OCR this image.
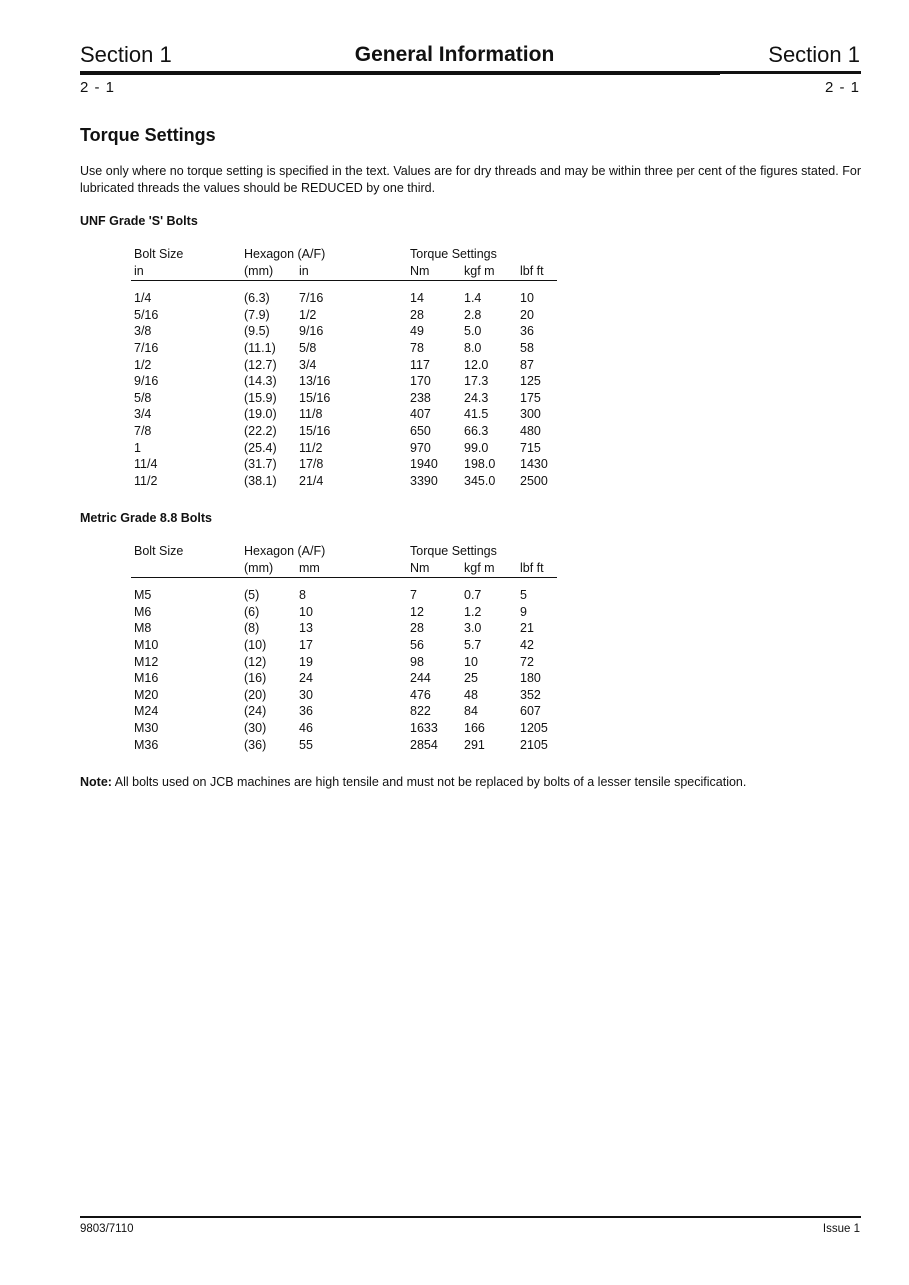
Section 1	General Information	Section 1
2 - 1	2 - 1
Torque Settings
Use only where no torque setting is specified in the text. Values are for dry threads and may be within three per cent of the figures stated. For lubricated threads the values should be REDUCED by one third.
UNF Grade 'S' Bolts
Bolt Size	Hexagon (A/F)	Torque Settings
in	(mm) in	Nm	kgf m lbf ft
1/4	(6.3) 7/16	14	1.4	10
5/16	(7.9) 1/2	28	2.8	20
3/8	(9.5) 9/16	49	5.0	36
7/16	(11.1) 5/8	78	8.0	58
1/2	(12.7) 3/4	117	12.0	87
9/16	(14.3) 13/16	170	17.3	125
5/8	(15.9) 15/16	238	24.3	175
3/4	(19.0) 11/8	407	41.5	300
7/8	(22.2) 15/16	650	66.3	480
1	(25.4) 11/2	970	99.0	715
11/4	(31.7) 17/8	1940 198.0 1430
11/2	(38.1) 21/4	3390 345.0 2500
Metric Grade 8.8 Bolts
Bolt Size	Hexagon (A/F)	Torque Settings
(mm) mm	Nm	kgf m lbf ft
M5	(5)	8	7	0.7	5
M6	(6)	10	12	1.2	9
M8	(8)	13	28	3.0	21
M10	(10)	17	56	5.7	42
M12	(12)	19	98	10	72
M16	(16)	24	244	25	180
M20	(20)	30	476	48	352
M24	(24)	36	822	84	607
M30	(30)	46	1633 166	1205
M36	(36)	55	2854 291	2105
Note: All bolts used on JCB machines are high tensile and must not be replaced by bolts of a lesser tensile specification.
9803/7110	Issue 1
